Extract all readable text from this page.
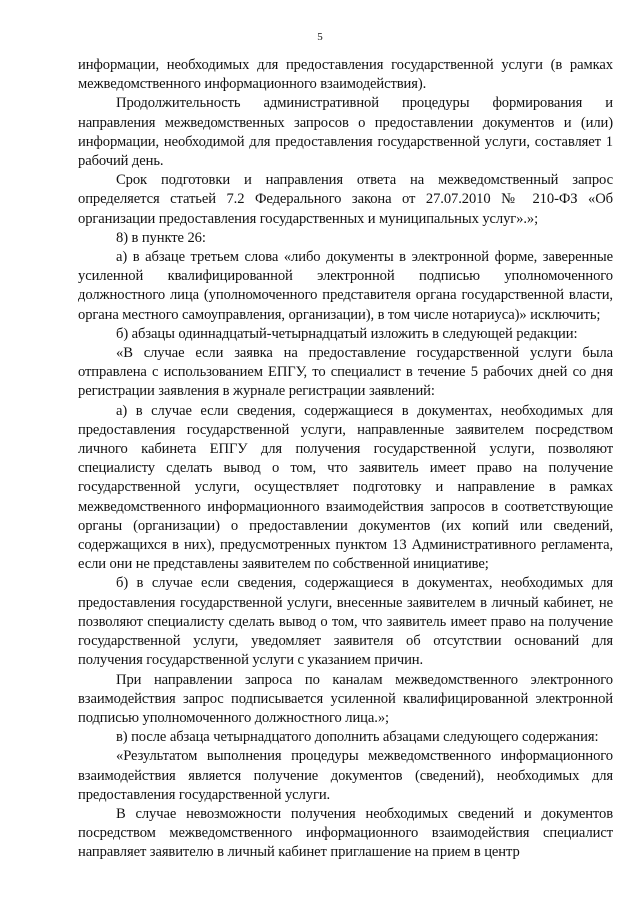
5

информации, необходимых для предоставления государственной услуги (в рамках межведомственного информационного взаимодействия).

Продолжительность административной процедуры формирования и направления межведомственных запросов о предоставлении документов и (или) информации, необходимой для предоставления государственной услуги, составляет 1 рабочий день.

Срок подготовки и направления ответа на межведомственный запрос определяется статьей 7.2 Федерального закона от 27.07.2010 № 210-ФЗ «Об организации предоставления государственных и муниципальных услуг».»;

8) в пункте 26:

а) в абзаце третьем слова «либо документы в электронной форме, заверенные усиленной квалифицированной электронной подписью уполномоченного должностного лица (уполномоченного представителя органа государственной власти, органа местного самоуправления, организации), в том числе нотариуса)» исключить;

б) абзацы одиннадцатый-четырнадцатый изложить в следующей редакции:

«В случае если заявка на предоставление государственной услуги была отправлена с использованием ЕПГУ, то специалист в течение 5 рабочих дней со дня регистрации заявления в журнале регистрации заявлений:

а) в случае если сведения, содержащиеся в документах, необходимых для предоставления государственной услуги, направленные заявителем посредством личного кабинета ЕПГУ для получения государственной услуги, позволяют специалисту сделать вывод о том, что заявитель имеет право на получение государственной услуги, осуществляет подготовку и направление в рамках межведомственного информационного взаимодействия запросов в соответствующие органы (организации) о предоставлении документов (их копий или сведений, содержащихся в них), предусмотренных пунктом 13 Административного регламента, если они не представлены заявителем по собственной инициативе;

б) в случае если сведения, содержащиеся в документах, необходимых для предоставления государственной услуги, внесенные заявителем в личный кабинет, не позволяют специалисту сделать вывод о том, что заявитель имеет право на получение государственной услуги, уведомляет заявителя об отсутствии оснований для получения государственной услуги с указанием причин.

При направлении запроса по каналам межведомственного электронного взаимодействия запрос подписывается усиленной квалифицированной электронной подписью уполномоченного должностного лица.»;

в) после абзаца четырнадцатого дополнить абзацами следующего содержания:

«Результатом выполнения процедуры межведомственного информационного взаимодействия является получение документов (сведений), необходимых для предоставления государственной услуги.

В случае невозможности получения необходимых сведений и документов посредством межведомственного информационного взаимодействия специалист направляет заявителю в личный кабинет приглашение на прием в центр
